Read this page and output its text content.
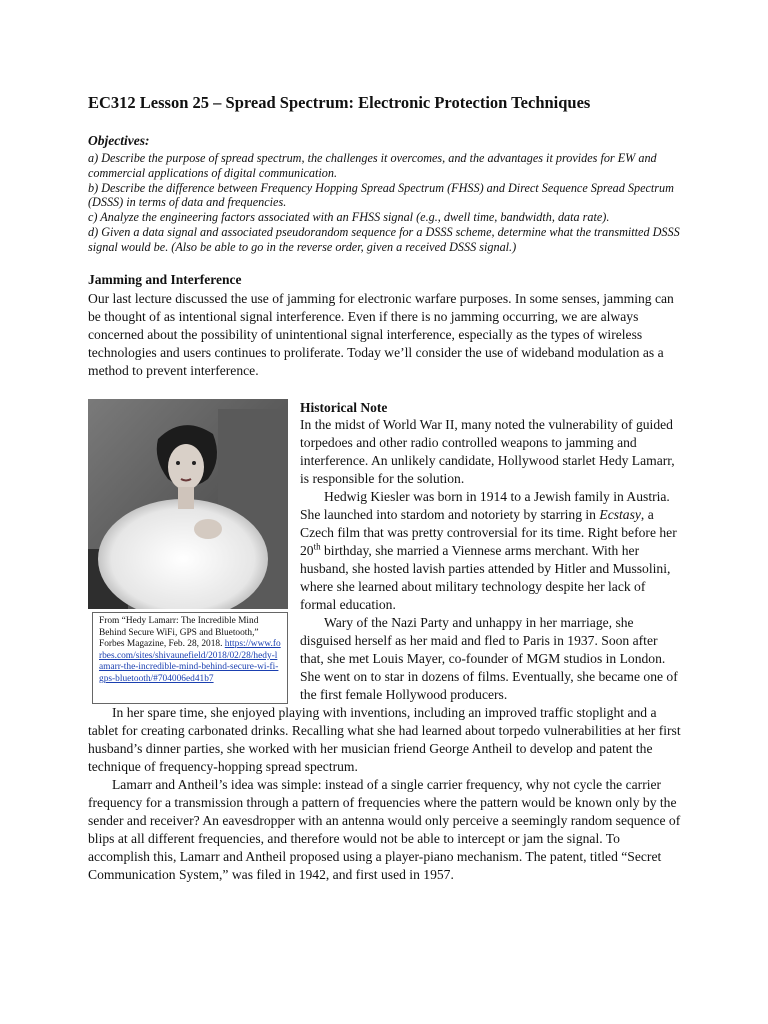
EC312 Lesson 25 – Spread Spectrum: Electronic Protection Techniques
Objectives:
a) Describe the purpose of spread spectrum, the challenges it overcomes, and the advantages it provides for EW and commercial applications of digital communication.
b) Describe the difference between Frequency Hopping Spread Spectrum (FHSS) and Direct Sequence Spread Spectrum (DSSS) in terms of data and frequencies.
c) Analyze the engineering factors associated with an FHSS signal (e.g., dwell time, bandwidth, data rate).
d) Given a data signal and associated pseudorandom sequence for a DSSS scheme, determine what the transmitted DSSS signal would be. (Also be able to go in the reverse order, given a received DSSS signal.)
Jamming and Interference

Our last lecture discussed the use of jamming for electronic warfare purposes. In some senses, jamming can be thought of as intentional signal interference. Even if there is no jamming occurring, we are always concerned about the possibility of unintentional signal interference, especially as the types of wireless technologies and users continues to proliferate. Today we’ll consider the use of wideband modulation as a method to prevent interference.

From “Hedy Lamarr: The Incredible Mind Behind Secure WiFi, GPS and Bluetooth,” Forbes Magazine, Feb. 28, 2018. https://www.forbes.com/sites/shivaunefield/2018/02/28/hedy-lamarr-the-incredible-mind-behind-secure-wi-fi-gps-bluetooth/#704006ed41b7
Historical Note

In the midst of World War II, many noted the vulnerability of guided torpedoes and other radio controlled weapons to jamming and interference. An unlikely candidate, Hollywood starlet Hedy Lamarr, is responsible for the solution.

Hedwig Kiesler was born in 1914 to a Jewish family in Austria. She launched into stardom and notoriety by starring in Ecstasy, a Czech film that was pretty controversial for its time. Right before her 20th birthday, she married a Viennese arms merchant. With her husband, she hosted lavish parties attended by Hitler and Mussolini, where she learned about military technology despite her lack of formal education.

Wary of the Nazi Party and unhappy in her marriage, she disguised herself as her maid and fled to Paris in 1937. Soon after that, she met Louis Mayer, co-founder of MGM studios in London. She went on to star in dozens of films. Eventually, she became one of the first female Hollywood producers.

In her spare time, she enjoyed playing with inventions, including an improved traffic stoplight and a tablet for creating carbonated drinks. Recalling what she had learned about torpedo vulnerabilities at her first husband’s dinner parties, she worked with her musician friend George Antheil to develop and patent the technique of frequency-hopping spread spectrum.

Lamarr and Antheil’s idea was simple: instead of a single carrier frequency, why not cycle the carrier frequency for a transmission through a pattern of frequencies where the pattern would be known only by the sender and receiver? An eavesdropper with an antenna would only perceive a seemingly random sequence of blips at all different frequencies, and therefore would not be able to intercept or jam the signal. To accomplish this, Lamarr and Antheil proposed using a player-piano mechanism. The patent, titled “Secret Communication System,” was filed in 1942, and first used in 1957.
